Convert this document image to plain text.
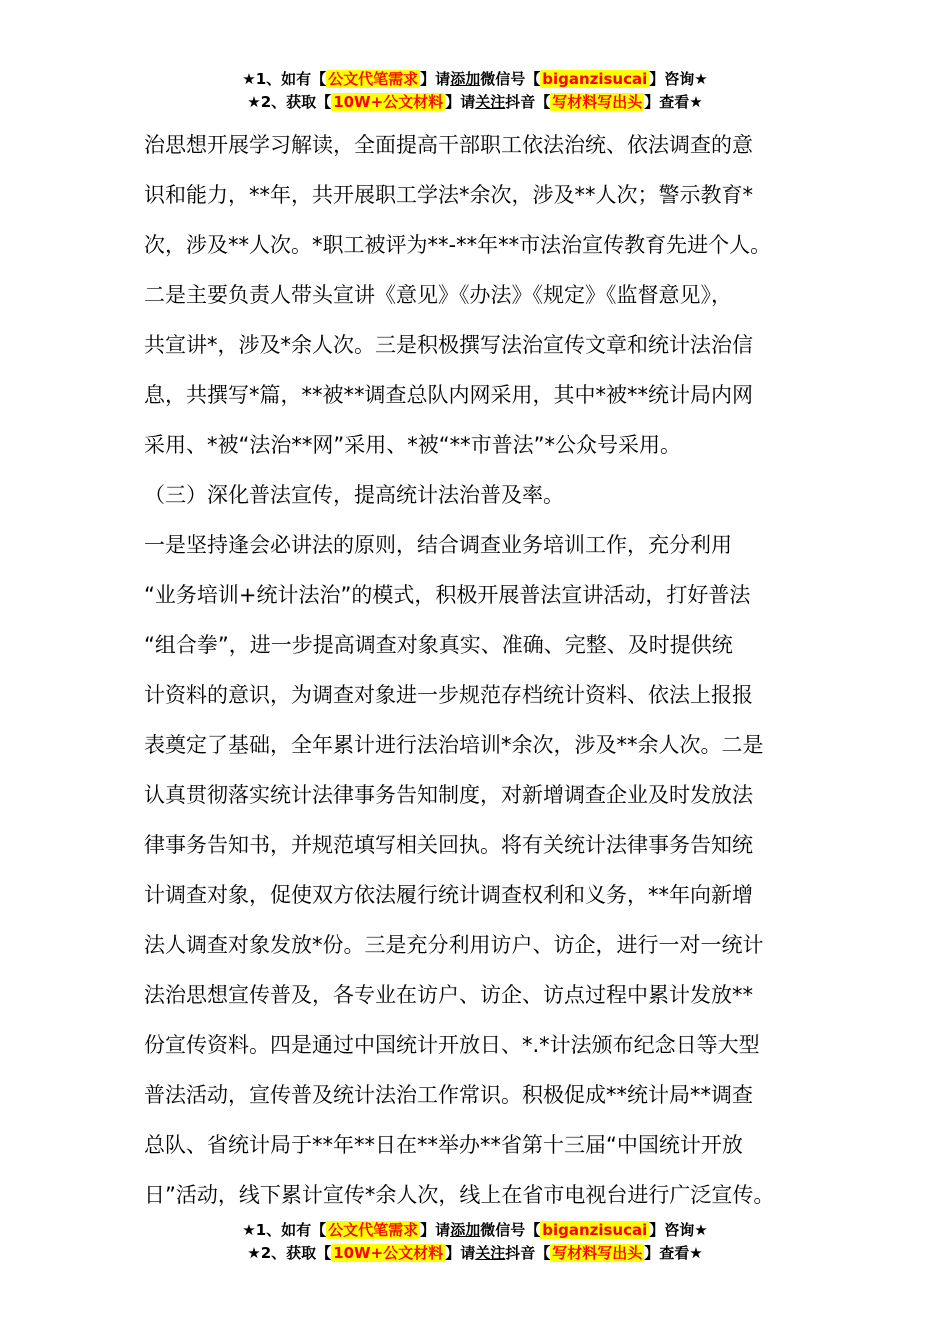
★1、如有【 公文代笔需求 】请添加微信号【 biganzisucai 】咨询★
★2、获取【 10W+公文材料 】请关注抖音【 写材料写出头 】查看★
治思想开展学习解读，全面提高干部职工依法治统、依法调查的意
识和能力，**年，共开展职工学法*余次，涉及**人次；警示教育*
次，涉及**人次。*职工被评为**-**年**市法治宣传教育先进个人。
二是主要负责人带头宣讲《意见》《办法》《规定》《监督意见》，
共宣讲*，涉及*余人次。三是积极撰写法治宣传文章和统计法治信
息，共撰写*篇，**被**调查总队内网采用，其中*被**统计局内网
采用、*被“法治**网”采用、*被“**市普法”*公众号采用。
（三）深化普法宣传，提高统计法治普及率。
一是坚持逢会必讲法的原则，结合调查业务培训工作，充分利用
“业务培训+统计法治”的模式，积极开展普法宣讲活动，打好普法
“组合拳”，进一步提高调查对象真实、准确、完整、及时提供统
计资料的意识，为调查对象进一步规范存档统计资料、依法上报报
表奠定了基础，全年累计进行法治培训*余次，涉及**余人次。二是
认真贯彻落实统计法律事务告知制度，对新增调查企业及时发放法
律事务告知书，并规范填写相关回执。将有关统计法律事务告知统
计调查对象，促使双方依法履行统计调查权利和义务，**年向新增
法人调查对象发放*份。三是充分利用访户、访企，进行一对一统计
法治思想宣传普及，各专业在访户、访企、访点过程中累计发放**
份宣传资料。四是通过中国统计开放日、*.*计法颁布纪念日等大型
普法活动，宣传普及统计法治工作常识。积极促成**统计局**调查
总队、省统计局于**年**日在**举办**省第十三届“中国统计开放
日”活动，线下累计宣传*余人次，线上在省市电视台进行广泛宣传。
★1、如有【 公文代笔需求 】请添加微信号【 biganzisucai 】咨询★
★2、获取【 10W+公文材料 】请关注抖音【 写材料写出头 】查看★
